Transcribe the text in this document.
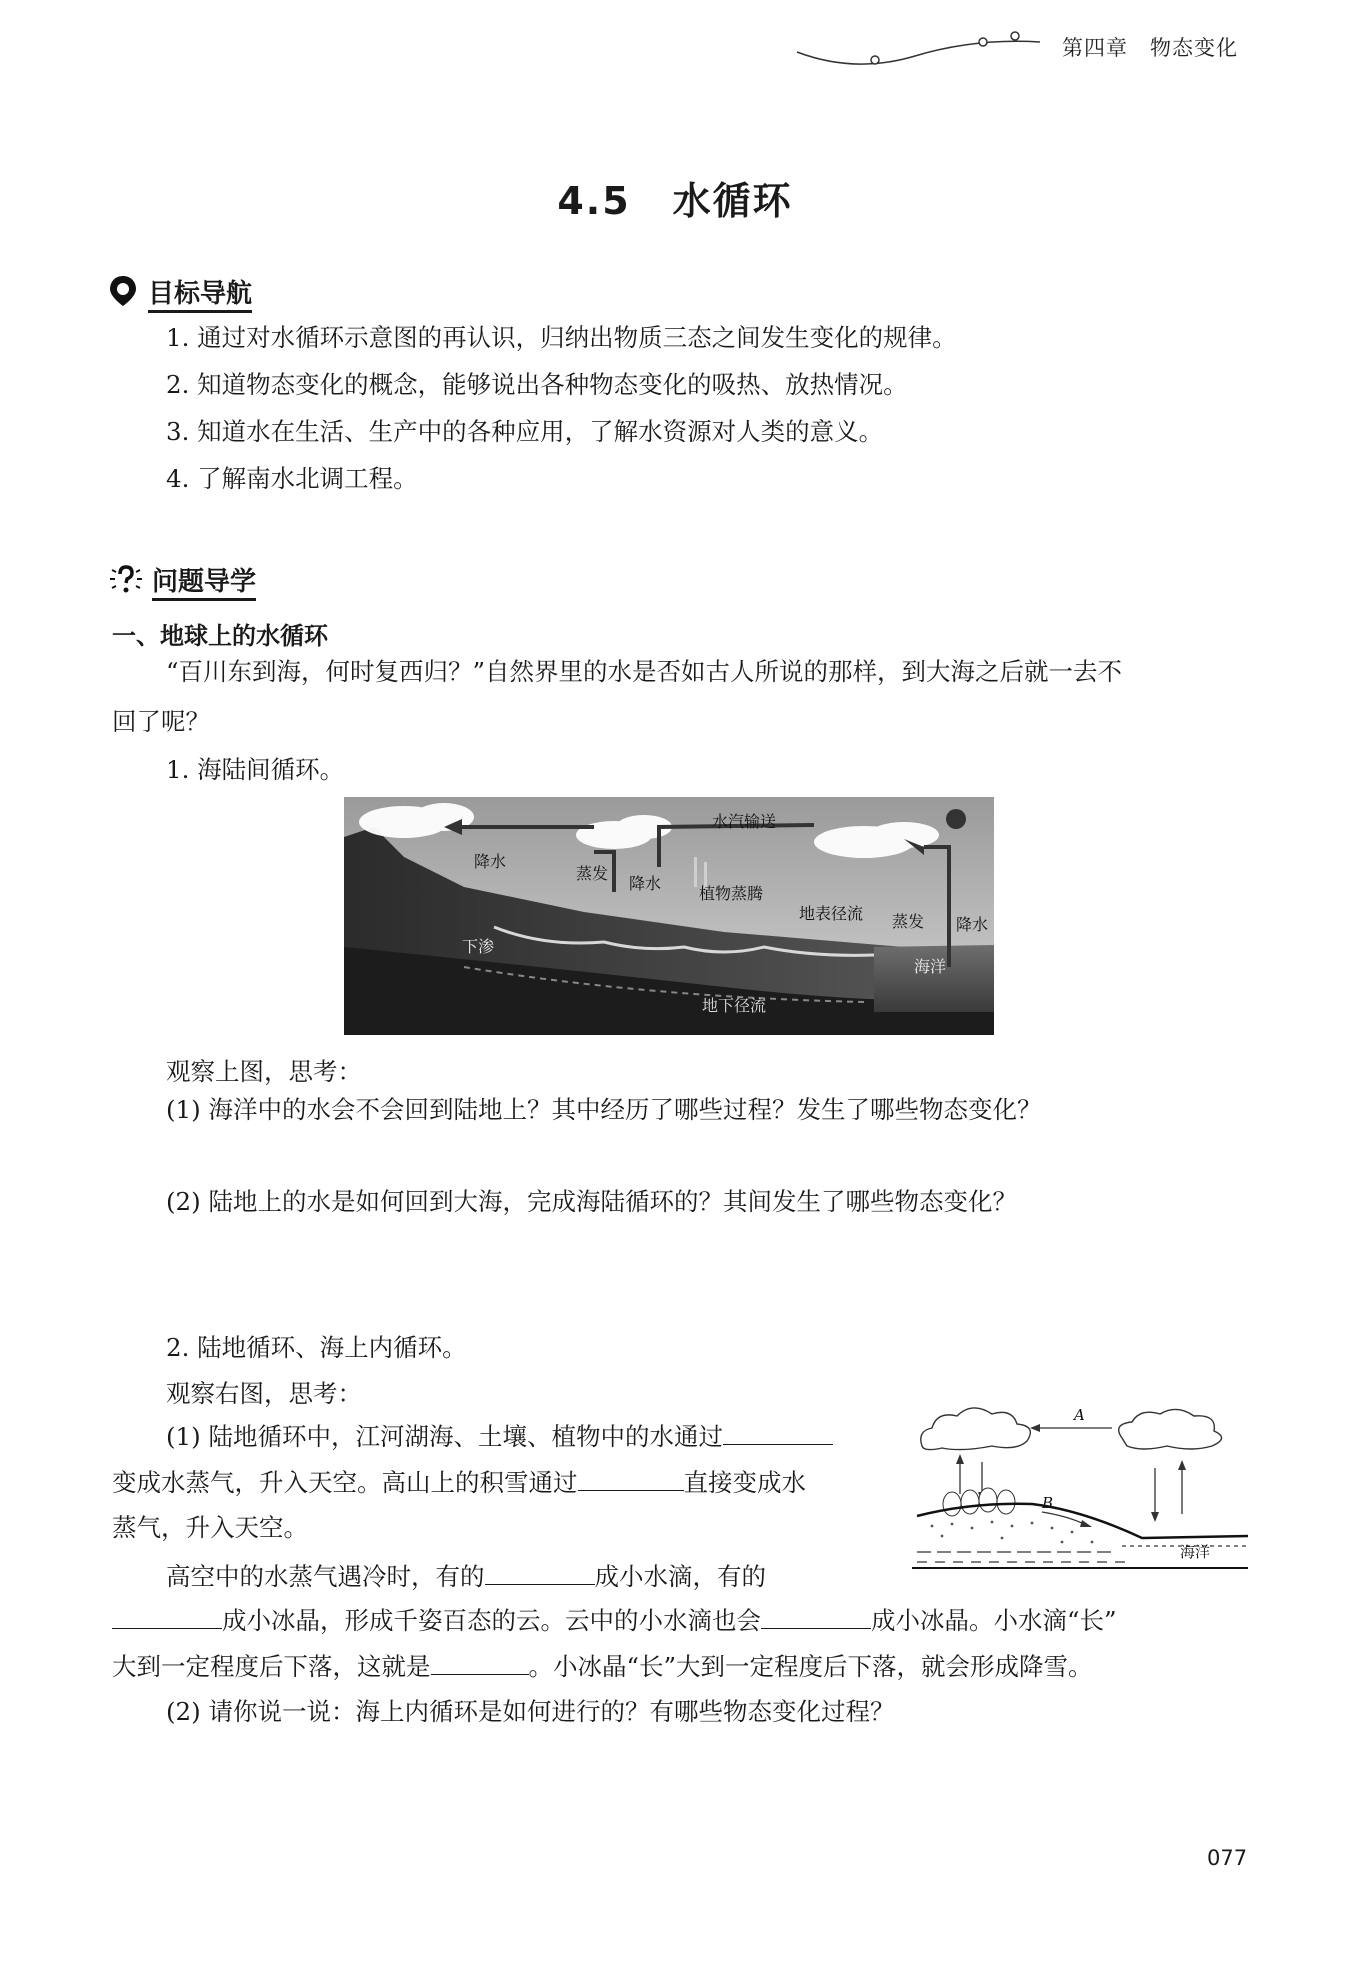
第四章　物态变化
4.5 水循环
目标导航
1. 通过对水循环示意图的再认识，归纳出物质三态之间发生变化的规律。
2. 知道物态变化的概念，能够说出各种物态变化的吸热、放热情况。
3. 知道水在生活、生产中的各种应用，了解水资源对人类的意义。
4. 了解南水北调工程。
问题导学
一、地球上的水循环
“百川东到海，何时复西归？”自然界里的水是否如古人所说的那样，到大海之后就一去不
回了呢？
1. 海陆间循环。
水汽输送
降水
蒸发
降水
植物蒸腾
地表径流 蒸发 降水
下渗
海洋
地下径流
观察上图，思考：
(1) 海洋中的水会不会回到陆地上？其中经历了哪些过程？发生了哪些物态变化？
(2) 陆地上的水是如何回到大海，完成海陆循环的？其间发生了哪些物态变化？
2. 陆地循环、海上内循环。
观察右图，思考：
(1) 陆地循环中，江河湖海、土壤、植物中的水通过
变成水蒸气，升入天空。高山上的积雪通过	直接变成水
蒸气，升入天空。
高空中的水蒸气遇冷时，有的	成小水滴，有的
成小冰晶，形成千姿百态的云。云中的小水滴也会	成小冰晶。小水滴“长”
大到一定程度后下落，这就是	。小冰晶“长”大到一定程度后下落，就会形成降雪。
(2) 请你说一说：海上内循环是如何进行的？有哪些物态变化过程？
A
B
海洋
077
